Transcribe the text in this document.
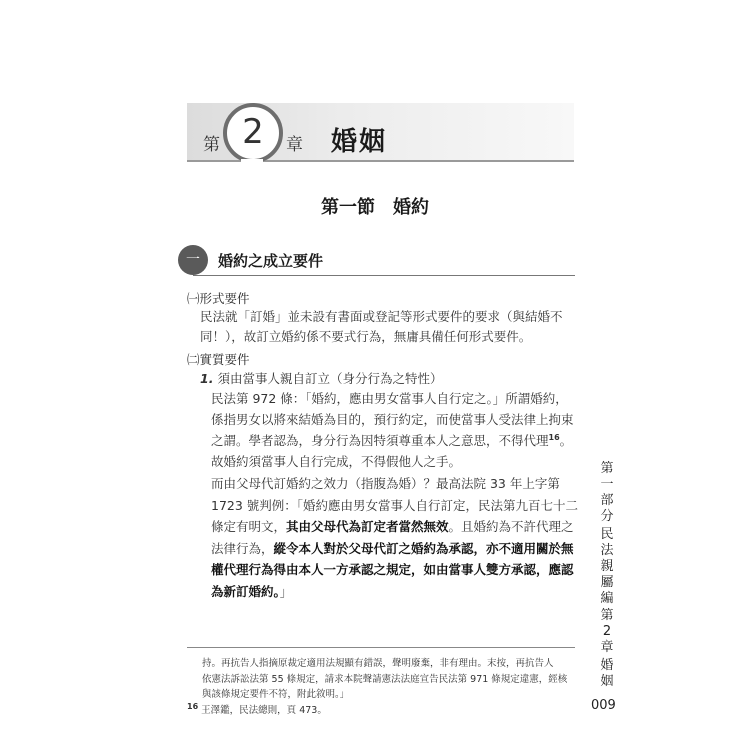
第 2	章 婚姻
第一節　婚約
一	婚約之成立要件
㈠形式要件
民法就「訂婚」並未設有書面或登記等形式要件的要求（與結婚不
同！），故訂立婚約係不要式行為，無庸具備任何形式要件。
㈡實質要件
1. 須由當事人親自訂立（身分行為之特性）
民法第 972 條：「婚約，應由男女當事人自行定之。」所謂婚約，
係指男女以將來結婚為目的，預行約定，而使當事人受法律上拘束
之謂。學者認為，身分行為因特須尊重本人之意思，不得代理$^{16}$。
故婚約須當事人自行完成，不得假他人之手。
而由父母代訂婚約之效力（指腹為婚）？最高法院 33 年上字第
1723 號判例：「婚約應由男女當事人自行訂定，民法第九百七十二
條定有明文，其由父母代為訂定者當然無效。且婚約為不許代理之
法律行為，縱令本人對於父母代訂之婚約為承認，亦不適用關於無
權代理行為得由本人一方承認之規定，如由當事人雙方承認，應認
為新訂婚約。」
持。再抗告人指摘原裁定適用法規顯有錯誤，聲明廢棄，非有理由。末按，再抗告人
依憲法訴訟法第 55 條規定，請求本院聲請憲法法庭宣告民法第 971 條規定違憲，經核
與該條規定要件不符，附此敘明。」
$^{16}$ 王澤鑑，民法總則，頁 473。
第
一
部
分
民
法
親
屬
編
第
2
章
婚
姻
009
